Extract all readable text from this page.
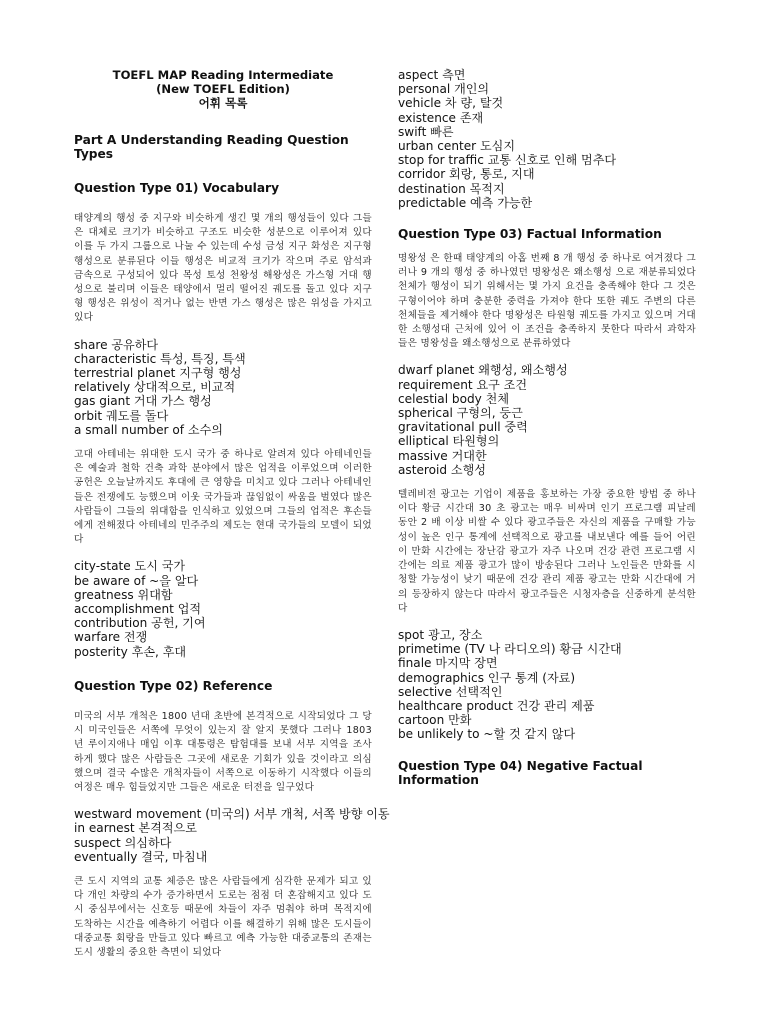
TOEFL MAP Reading Intermediate

(New TOEFL Edition)

어휘 목록

Part A Understanding Reading Question Types

Question Type 01) Vocabulary

태양계의 행성 중 지구와 비슷하게 생긴 몇 개의 행성들이 있다 그들은 대체로 크기가 비슷하고 구조도 비슷한 성분으로 이루어져 있다 이를 두 가지 그룹으로 나눌 수 있는데 수성 금성 지구 화성은 지구형 행성으로 분류된다 이들 행성은 비교적 크기가 작으며 주로 암석과 금속으로 구성되어 있다 목성 토성 천왕성 해왕성은 가스형 거대 행성으로 불리며 이들은 태양에서 멀리 떨어진 궤도를 돌고 있다 지구형 행성은 위성이 적거나 없는 반면 가스 행성은 많은 위성을 가지고 있다

share 공유하다
characteristic 특성, 특징, 특색
terrestrial planet 지구형 행성
relatively 상대적으로, 비교적
gas giant 거대 가스 행성
orbit 궤도를 돌다
a small number of 소수의

고대 아테네는 위대한 도시 국가 중 하나로 알려져 있다 아테네인들은 예술과 철학 건축 과학 분야에서 많은 업적을 이루었으며 이러한 공헌은 오늘날까지도 후대에 큰 영향을 미치고 있다 그러나 아테네인들은 전쟁에도 능했으며 이웃 국가들과 끊임없이 싸움을 벌였다 많은 사람들이 그들의 위대함을 인식하고 있었으며 그들의 업적은 후손들에게 전해졌다 아테네의 민주주의 제도는 현대 국가들의 모델이 되었다

city-state 도시 국가
be aware of ~을 알다
greatness 위대함
accomplishment 업적
contribution 공헌, 기여
warfare 전쟁
posterity 후손, 후대

Question Type 02) Reference

미국의 서부 개척은 1800 년대 초반에 본격적으로 시작되었다 그 당시 미국인들은 서쪽에 무엇이 있는지 잘 알지 못했다 그러나 1803 년 루이지애나 매입 이후 대통령은 탐험대를 보내 서부 지역을 조사하게 했다 많은 사람들은 그곳에 새로운 기회가 있을 것이라고 의심했으며 결국 수많은 개척자들이 서쪽으로 이동하기 시작했다 이들의 여정은 매우 힘들었지만 그들은 새로운 터전을 일구었다

westward movement (미국의) 서부 개척, 서쪽 방향 이동
in earnest 본격적으로
suspect 의심하다
eventually 결국, 마침내

큰 도시 지역의 교통 체증은 많은 사람들에게 심각한 문제가 되고 있다 개인 차량의 수가 증가하면서 도로는 점점 더 혼잡해지고 있다 도시 중심부에서는 신호등 때문에 차들이 자주 멈춰야 하며 목적지에 도착하는 시간을 예측하기 어렵다 이를 해결하기 위해 많은 도시들이 대중교통 회랑을 만들고 있다 빠르고 예측 가능한 대중교통의 존재는 도시 생활의 중요한 측면이 되었다

aspect 측면
personal 개인의
vehicle 차 량, 탈것
existence 존재
swift 빠른
urban center 도심지
stop for traffic 교통 신호로 인해 멈추다
corridor 회랑, 통로, 지대
destination 목적지
predictable 예측 가능한

Question Type 03) Factual Information

명왕성 은 한때 태양계의 아홉 번째 8 개 행성 중 하나로 여겨졌다 그러나 9 개의 행성 중 하나였던 명왕성은 왜소행성 으로 재분류되었다 천체가 행성이 되기 위해서는 몇 가지 요건을 충족해야 한다 그 것은 구형이어야 하며 충분한 중력을 가져야 한다 또한 궤도 주변의 다른 천체들을 제거해야 한다 명왕성은 타원형 궤도를 가지고 있으며 거대한 소행성대 근처에 있어 이 조건을 충족하지 못한다 따라서 과학자들은 명왕성을 왜소행성으로 분류하였다

dwarf planet 왜행성, 왜소행성
requirement 요구 조건
celestial body 천체
spherical 구형의, 둥근
gravitational pull 중력
elliptical 타원형의
massive 거대한
asteroid 소행성

텔레비전 광고는 기업이 제품을 홍보하는 가장 중요한 방법 중 하나이다 황금 시간대 30 초 광고는 매우 비싸며 인기 프로그램 피날레 동안 2 배 이상 비쌀 수 있다 광고주들은 자신의 제품을 구매할 가능성이 높은 인구 통계에 선택적으로 광고를 내보낸다 예를 들어 어린이 만화 시간에는 장난감 광고가 자주 나오며 건강 관련 프로그램 시간에는 의료 제품 광고가 많이 방송된다 그러나 노인들은 만화를 시청할 가능성이 낮기 때문에 건강 관리 제품 광고는 만화 시간대에 거의 등장하지 않는다 따라서 광고주들은 시청자층을 신중하게 분석한다

spot 광고, 장소
primetime (TV 나 라디오의) 황금 시간대
finale 마지막 장면
demographics 인구 통계 (자료)
selective 선택적인
healthcare product 건강 관리 제품
cartoon 만화
be unlikely to ~할 것 같지 않다

Question Type 04) Negative Factual Information
